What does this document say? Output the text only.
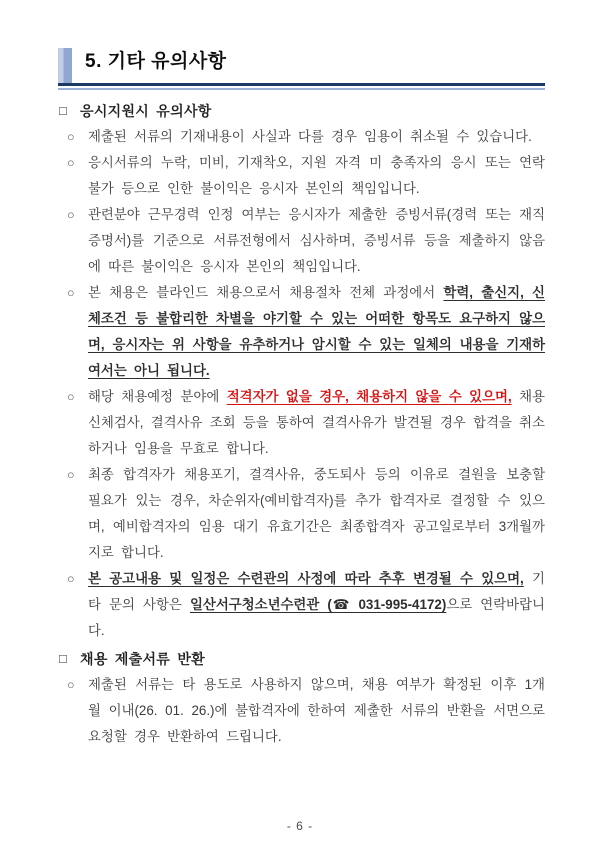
5. 기타 유의사항
□ 응시지원시 유의사항
○ 제출된 서류의 기재내용이 사실과 다를 경우 임용이 취소될 수 있습니다.
○ 응시서류의 누락, 미비, 기재착오, 지원 자격 미 충족자의 응시 또는 연락불가 등으로 인한 불이익은 응시자 본인의 책임입니다.
○ 관련분야 근무경력 인정 여부는 응시자가 제출한 증빙서류(경력 또는 재직증명서)를 기준으로 서류전형에서 심사하며, 증빙서류 등을 제출하지 않음에 따른 불이익은 응시자 본인의 책임입니다.
○ 본 채용은 블라인드 채용으로서 채용절차 전체 과정에서 학력, 출신지, 신체조건 등 불합리한 차별을 야기할 수 있는 어떠한 항목도 요구하지 않으며, 응시자는 위 사항을 유추하거나 암시할 수 있는 일체의 내용을 기재하여서는 아니 됩니다.
○ 해당 채용예정 분야에 적격자가 없을 경우, 채용하지 않을 수 있으며, 채용신체검사, 결격사유 조회 등을 통하여 결격사유가 발견될 경우 합격을 취소하거나 임용을 무효로 합니다.
○ 최종 합격자가 채용포기, 결격사유, 중도퇴사 등의 이유로 결원을 보충할 필요가 있는 경우, 차순위자(예비합격자)를 추가 합격자로 결정할 수 있으며, 예비합격자의 임용 대기 유효기간은 최종합격자 공고일로부터 3개월까지로 합니다.
○ 본 공고내용 및 일정은 수련관의 사정에 따라 추후 변경될 수 있으며, 기타 문의 사항은 일산서구청소년수련관 (☎ 031-995-4172)으로 연락바랍니다.
□ 채용 제출서류 반환
○ 제출된 서류는 타 용도로 사용하지 않으며, 채용 여부가 확정된 이후 1개월 이내(26. 01. 26.)에 불합격자에 한하여 제출한 서류의 반환을 서면으로 요청할 경우 반환하여 드립니다.
- 6 -
